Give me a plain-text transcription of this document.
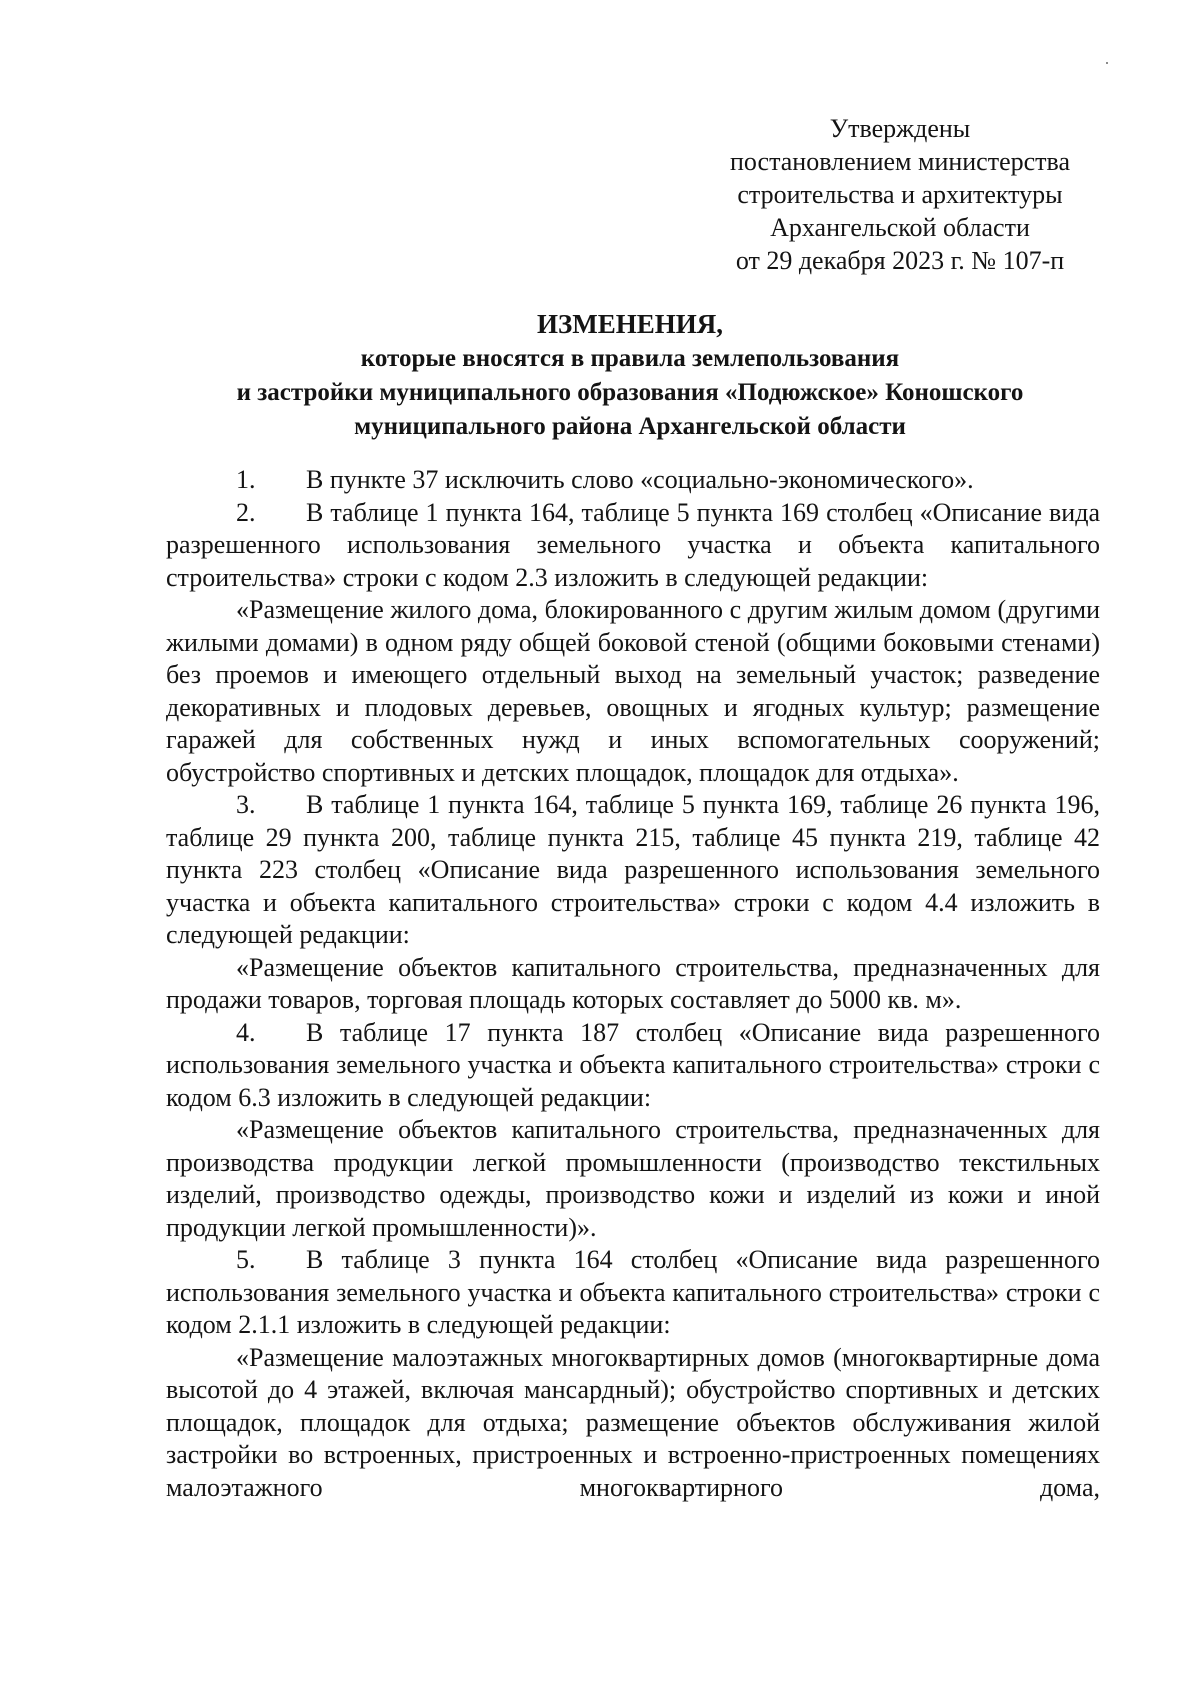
Утверждены
постановлением министерства
строительства и архитектуры
Архангельской области
от 29 декабря 2023 г. № 107-п
ИЗМЕНЕНИЯ,
которые вносятся в правила землепользования
и застройки муниципального образования «Подюжское» Коношского
муниципального района Архангельской области

1. В пункте 37 исключить слово «социально-экономического».

2. В таблице 1 пункта 164, таблице 5 пункта 169 столбец «Описание вида разрешенного использования земельного участка и объекта капитального строительства» строки с кодом 2.3 изложить в следующей редакции:

«Размещение жилого дома, блокированного с другим жилым домом (другими жилыми домами) в одном ряду общей боковой стеной (общими боковыми стенами) без проемов и имеющего отдельный выход на земельный участок; разведение декоративных и плодовых деревьев, овощных и ягодных культур; размещение гаражей для собственных нужд и иных вспомогательных сооружений; обустройство спортивных и детских площадок, площадок для отдыха».

3. В таблице 1 пункта 164, таблице 5 пункта 169, таблице 26 пункта 196, таблице 29 пункта 200, таблице пункта 215, таблице 45 пункта 219, таблице 42 пункта 223 столбец «Описание вида разрешенного использования земельного участка и объекта капитального строительства» строки с кодом 4.4 изложить в следующей редакции:

«Размещение объектов капитального строительства, предназначенных для продажи товаров, торговая площадь которых составляет до 5000 кв. м».

4. В таблице 17 пункта 187 столбец «Описание вида разрешенного использования земельного участка и объекта капитального строительства» строки с кодом 6.3 изложить в следующей редакции:

«Размещение объектов капитального строительства, предназначенных для производства продукции легкой промышленности (производство текстильных изделий, производство одежды, производство кожи и изделий из кожи и иной продукции легкой промышленности)».

5. В таблице 3 пункта 164 столбец «Описание вида разрешенного использования земельного участка и объекта капитального строительства» строки с кодом 2.1.1 изложить в следующей редакции:

«Размещение малоэтажных многоквартирных домов (многоквартирные дома высотой до 4 этажей, включая мансардный); обустройство спортивных и детских площадок, площадок для отдыха; размещение объектов обслуживания жилой застройки во встроенных, пристроенных и встроенно-пристроенных помещениях малоэтажного многоквартирного дома,
